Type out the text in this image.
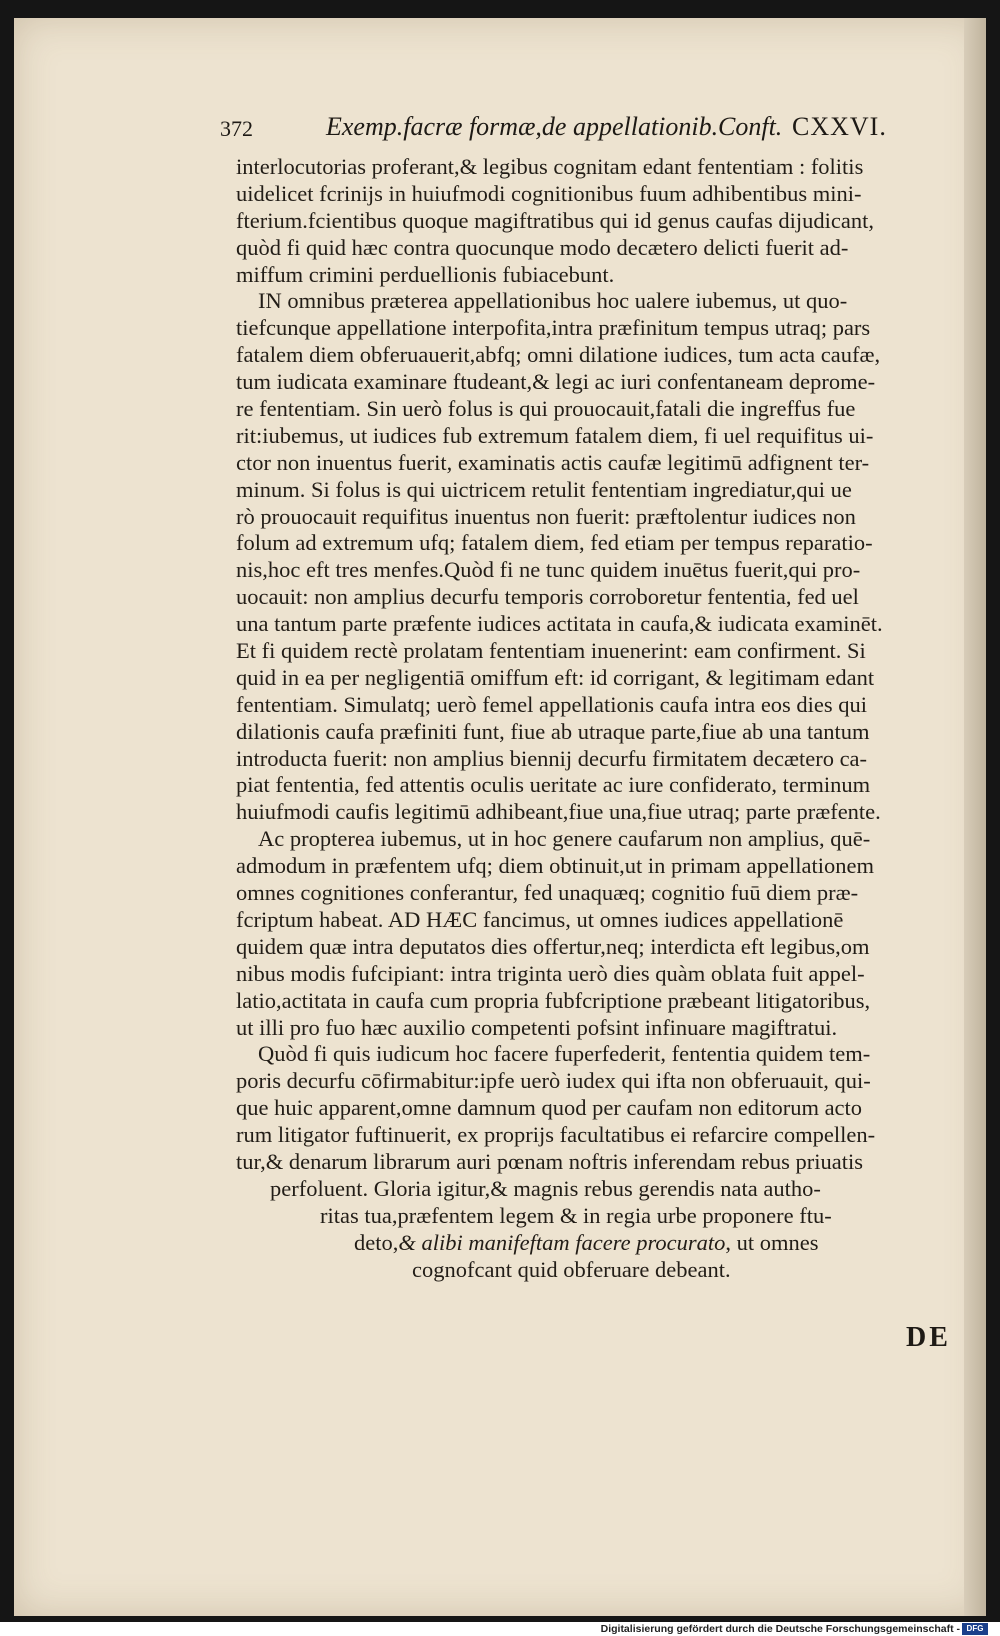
372	Exemp.facræ formæ,de appellationib. Conft. CXXVI.
interlocutorias proferant,& legibus cognitam edant fententiam : folitis
uidelicet fcrinijs in huiufmodi cognitionibus fuum adhibentibus mini-
fterium.fcientibus quoque magiftratibus qui id genus caufas dijudicant,
quòd fi quid hæc contra quocunque modo decætero delicti fuerit ad-
miffum crimini perduellionis fubiacebunt.
IN omnibus præterea appellationibus hoc ualere iubemus, ut quo-
tiefcunque appellatione interpofita,intra præfinitum tempus utraq; pars
fatalem diem obferuauerit,abfq; omni dilatione iudices, tum acta caufæ,
tum iudicata examinare ftudeant,& legi ac iuri confentaneam deprome-
re fententiam. Sin uerò folus is qui prouocauit,fatali die ingreffus fue
rit:iubemus, ut iudices fub extremum fatalem diem, fi uel requifitus ui-
ctor non inuentus fuerit, examinatis actis caufæ legitimū adfignent ter-
minum. Si folus is qui uictricem retulit fententiam ingrediatur,qui ue
rò prouocauit requifitus inuentus non fuerit: præftolentur iudices non
folum ad extremum ufq; fatalem diem, fed etiam per tempus reparatio-
nis,hoc eft tres menfes.Quòd fi ne tunc quidem inuētus fuerit,qui pro-
uocauit: non amplius decurfu temporis corroboretur fententia, fed uel
una tantum parte præfente iudices actitata in caufa,& iudicata examinēt.
Et fi quidem rectè prolatam fententiam inuenerint: eam confirment. Si
quid in ea per negligentiā omiffum eft: id corrigant, & legitimam edant
fententiam. Simulatq; uerò femel appellationis caufa intra eos dies qui
dilationis caufa præfiniti funt, fiue ab utraque parte,fiue ab una tantum
introducta fuerit: non amplius biennij decurfu firmitatem decætero ca-
piat fententia, fed attentis oculis ueritate ac iure confiderato, terminum
huiufmodi caufis legitimū adhibeant,fiue una,fiue utraq; parte præfente.
Ac propterea iubemus, ut in hoc genere caufarum non amplius, quē-
admodum in præfentem ufq; diem obtinuit,ut in primam appellationem
omnes cognitiones conferantur, fed unaquæq; cognitio fuū diem præ-
fcriptum habeat. AD HÆC fancimus, ut omnes iudices appellationē
quidem quæ intra deputatos dies offertur,neq; interdicta eft legibus,om
nibus modis fufcipiant: intra triginta uerò dies quàm oblata fuit appel-
latio,actitata in caufa cum propria fubfcriptione præbeant litigatoribus,
ut illi pro fuo hæc auxilio competenti pofsint infinuare magiftratui.
Quòd fi quis iudicum hoc facere fuperfederit, fententia quidem tem-
poris decurfu cōfirmabitur:ipfe uerò iudex qui ifta non obferuauit, qui-
que huic apparent,omne damnum quod per caufam non editorum acto
rum litigator fuftinuerit, ex proprijs facultatibus ei refarcire compellen-
tur,& denarum librarum auri pœnam noftris inferendam rebus priuatis
perfoluent. Gloria igitur,& magnis rebus gerendis nata autho-
ritas tua,præfentem legem & in regia urbe proponere ftu-
deto,& alibi manifeftam facere procurato, ut omnes
cognofcant quid obferuare debeant.
DE
Digitalisierung gefördert durch die Deutsche Forschungsgemeinschaft - DFG
